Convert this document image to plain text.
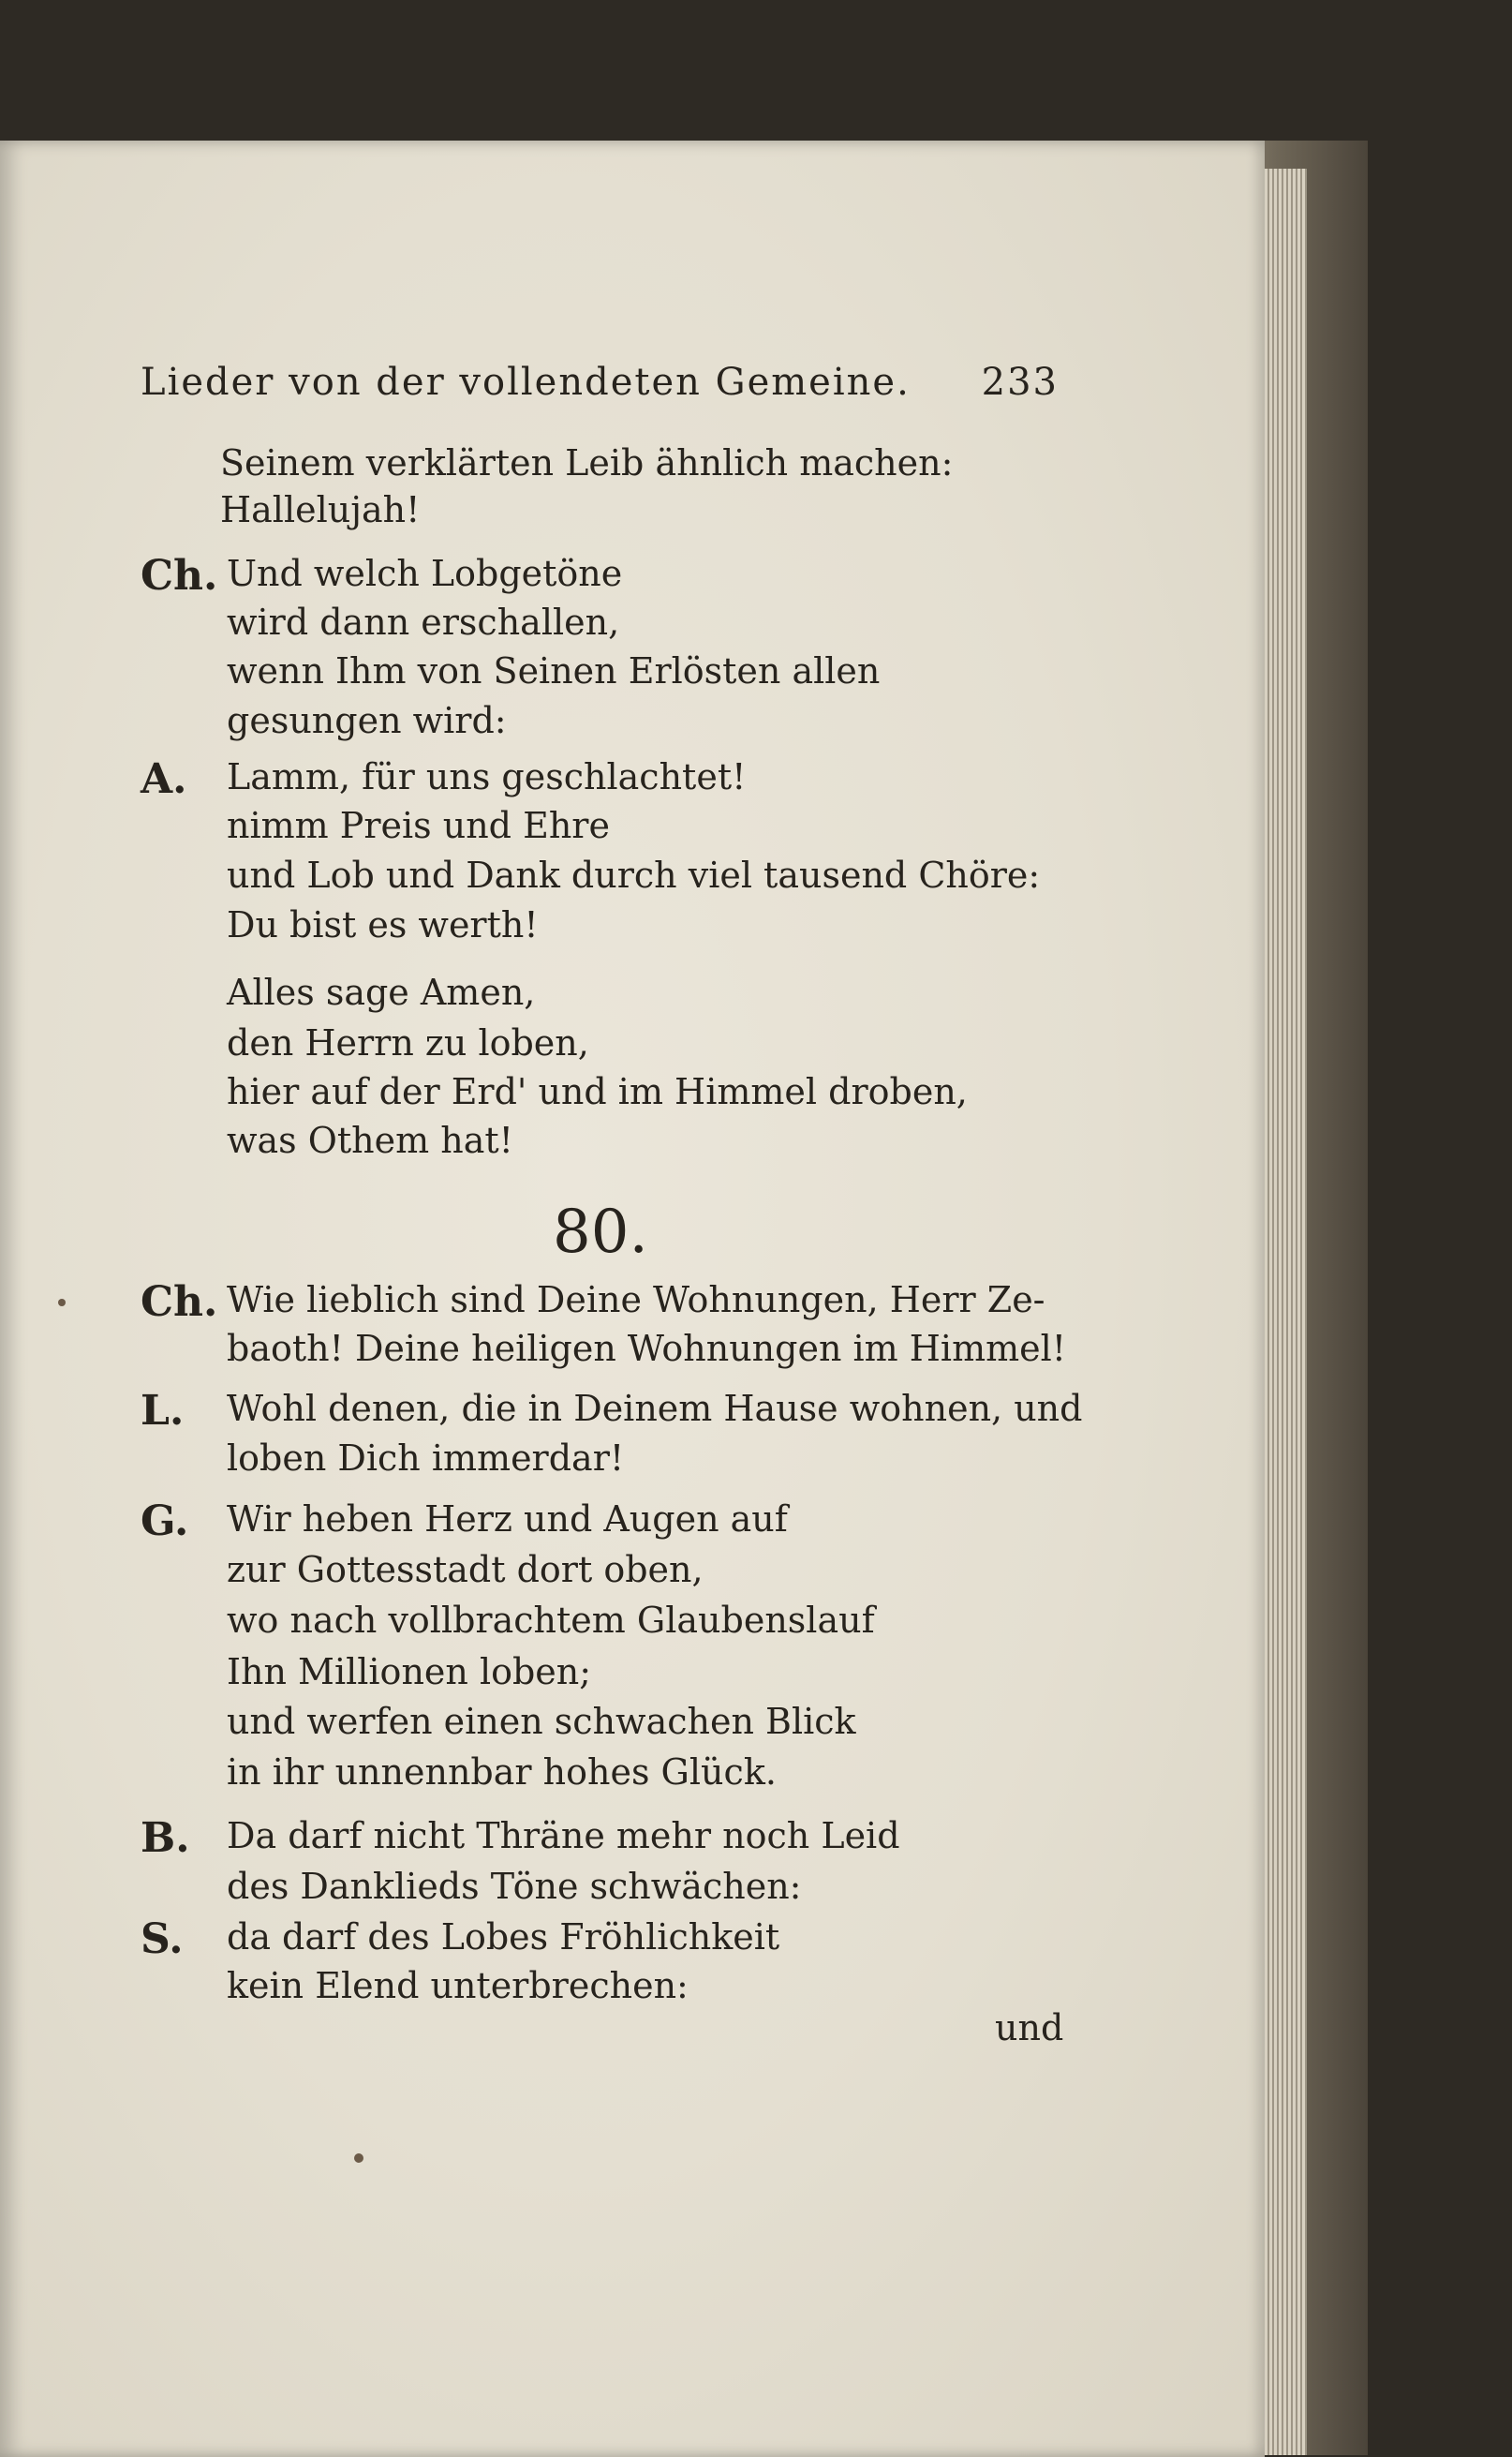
Lieder von der vollendeten Gemeine. 233
Seinem verklärten Leib ähnlich machen:
Hallelujah!
Ch. Und welch Lobgetöne
wird dann erschallen,
wenn Ihm von Seinen Erlösten allen
gesungen wird:
A. Lamm, für uns geschlachtet!
nimm Preis und Ehre
und Lob und Dank durch viel tausend Chöre:
Du bist es werth!
Alles sage Amen,
den Herrn zu loben,
hier auf der Erd' und im Himmel droben,
was Othem hat!
80.
Ch. Wie lieblich sind Deine Wohnungen, Herr Ze-
baoth! Deine heiligen Wohnungen im Himmel!
L. Wohl denen, die in Deinem Hause wohnen, und
loben Dich immerdar!
G. Wir heben Herz und Augen auf
zur Gottesstadt dort oben,
wo nach vollbrachtem Glaubenslauf
Ihn Millionen loben;
und werfen einen schwachen Blick
in ihr unnennbar hohes Glück.
B. Da darf nicht Thräne mehr noch Leid
des Danklieds Töne schwächen:
S. da darf des Lobes Fröhlichkeit
kein Elend unterbrechen:
und
